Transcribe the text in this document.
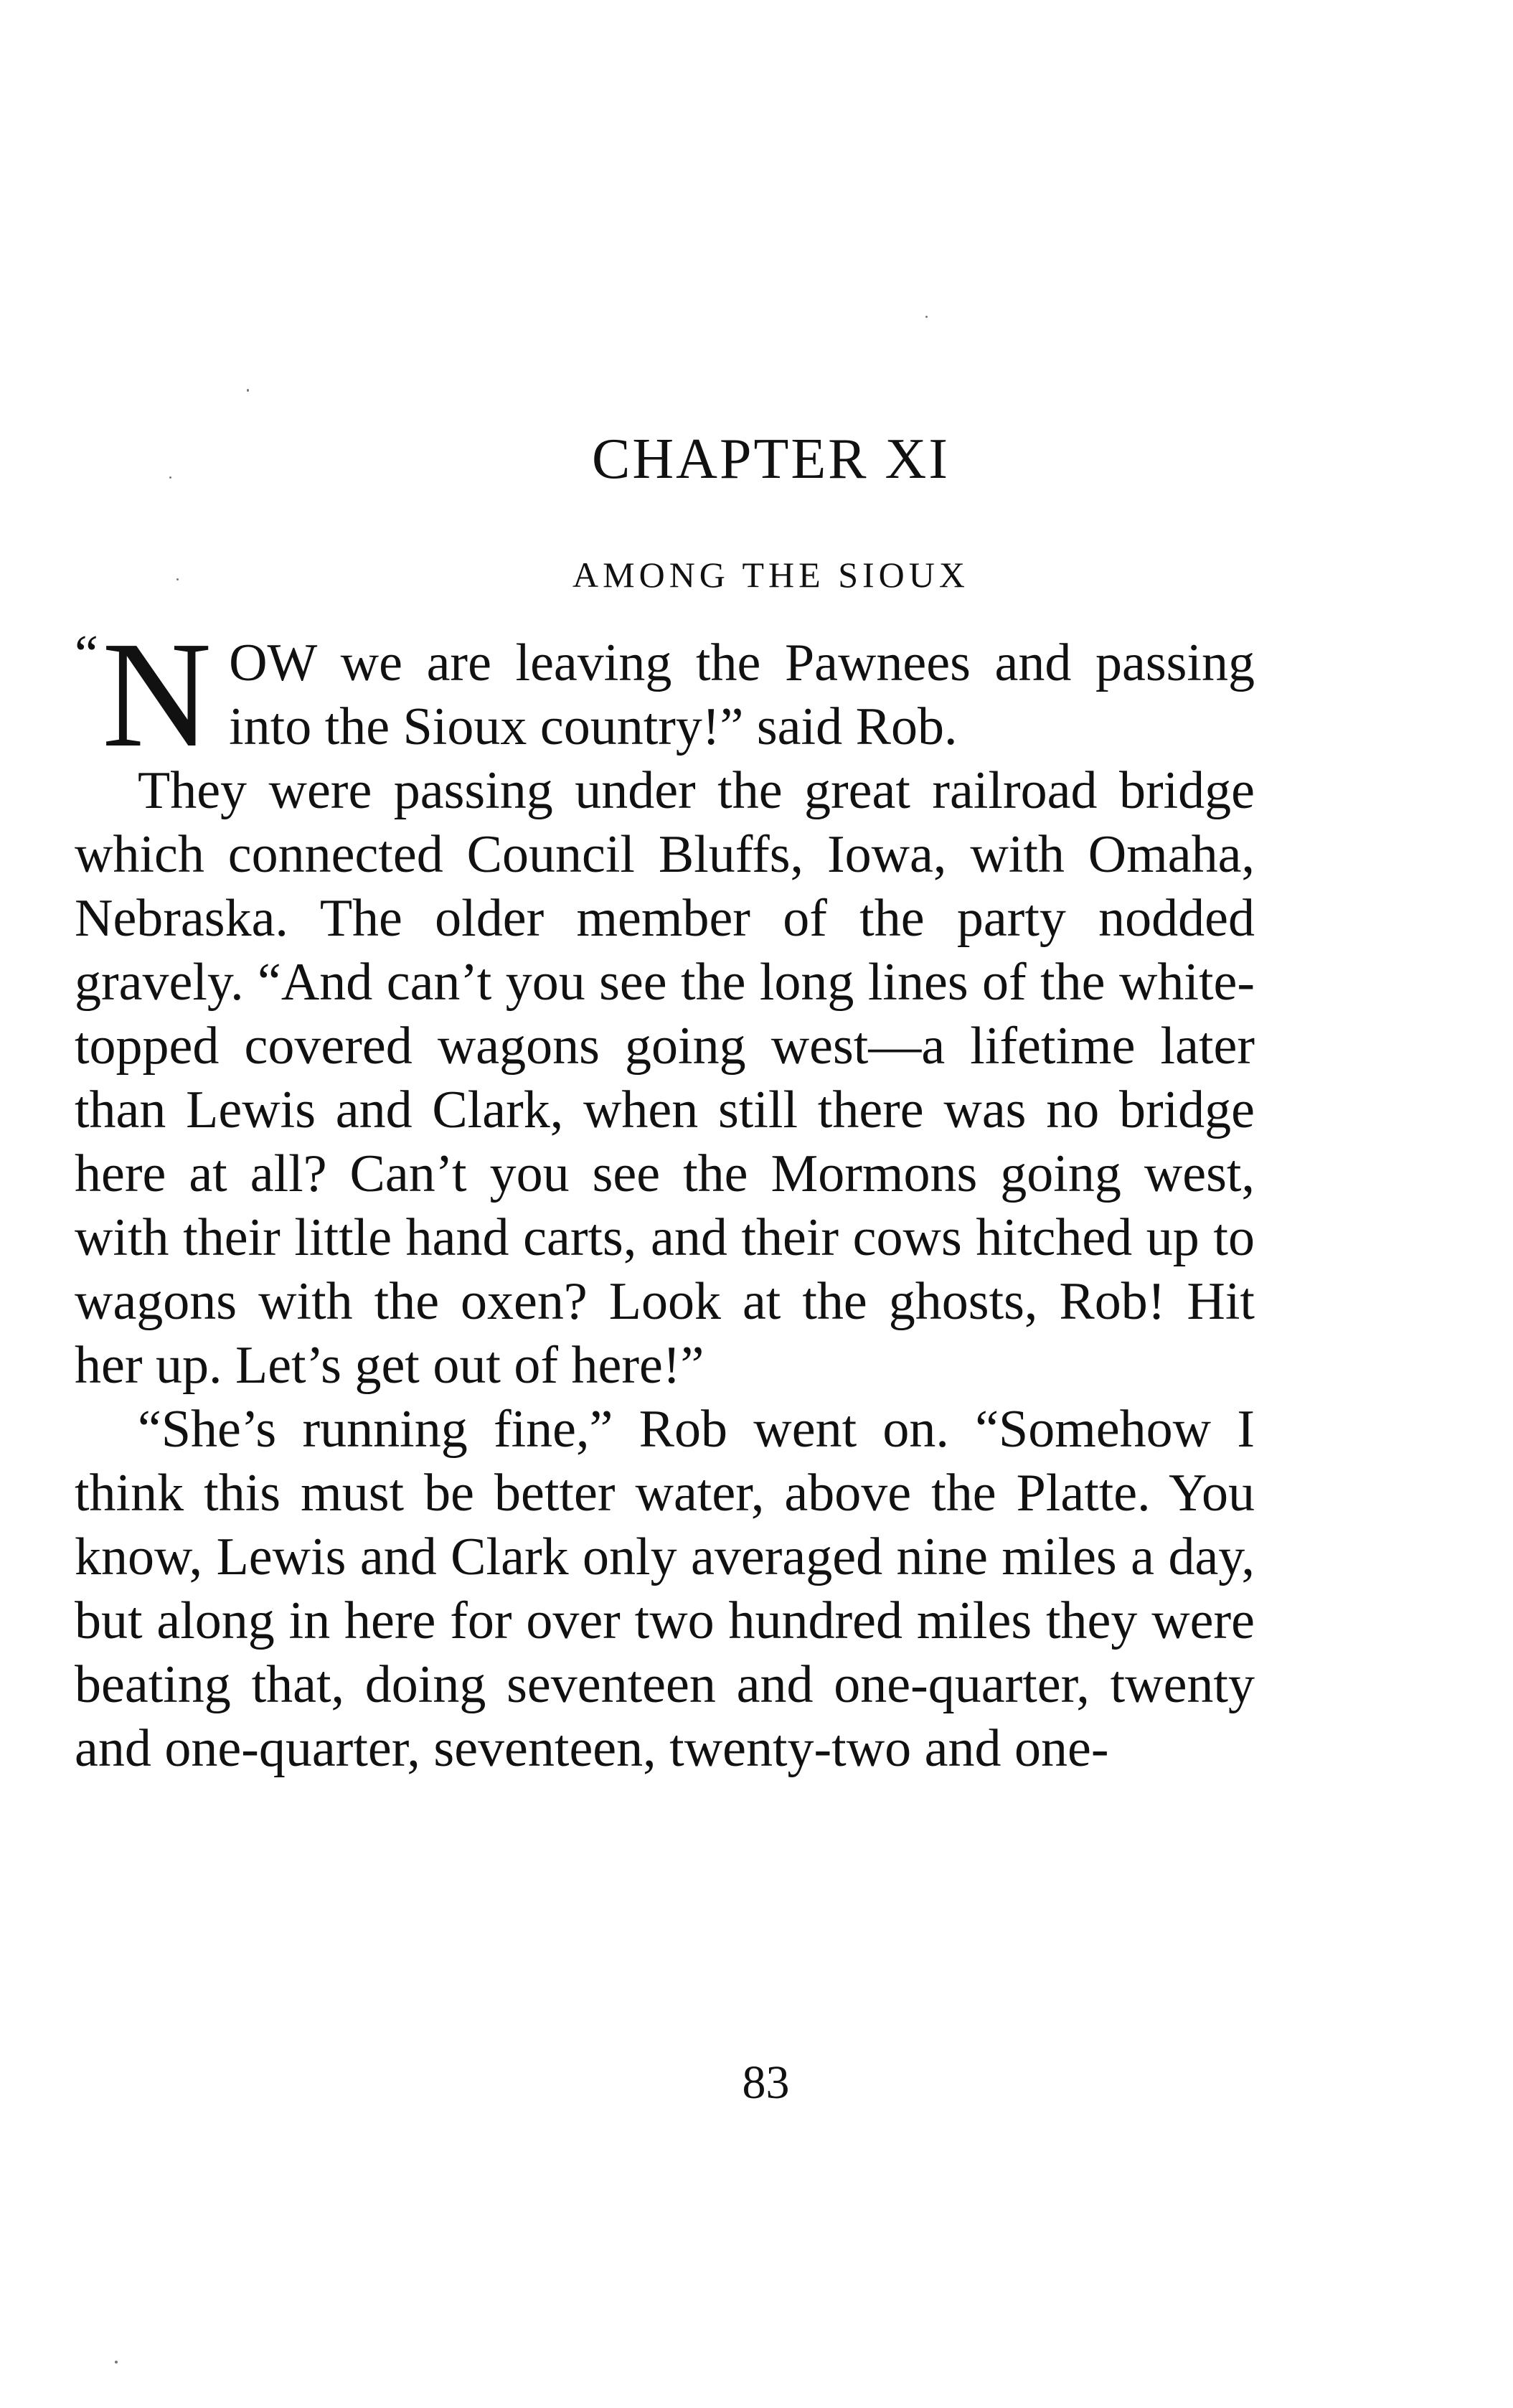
CHAPTER XI
AMONG THE SIOUX

“ N OW we are leaving the Pawnees and passing into the Sioux country!” said Rob.

They were passing under the great railroad bridge which connected Council Bluffs, Iowa, with Omaha, Nebraska. The older member of the party nodded gravely. “And can’t you see the long lines of the white-topped covered wagons going west—a lifetime later than Lewis and Clark, when still there was no bridge here at all? Can’t you see the Mormons going west, with their little hand carts, and their cows hitched up to wagons with the oxen? Look at the ghosts, Rob! Hit her up. Let’s get out of here!”

“She’s running fine,” Rob went on. “Somehow I think this must be better water, above the Platte. You know, Lewis and Clark only averaged nine miles a day, but along in here for over two hundred miles they were beating that, doing seventeen and one-quarter, twenty and one-quarter, seventeen, twenty-two and one-

83
